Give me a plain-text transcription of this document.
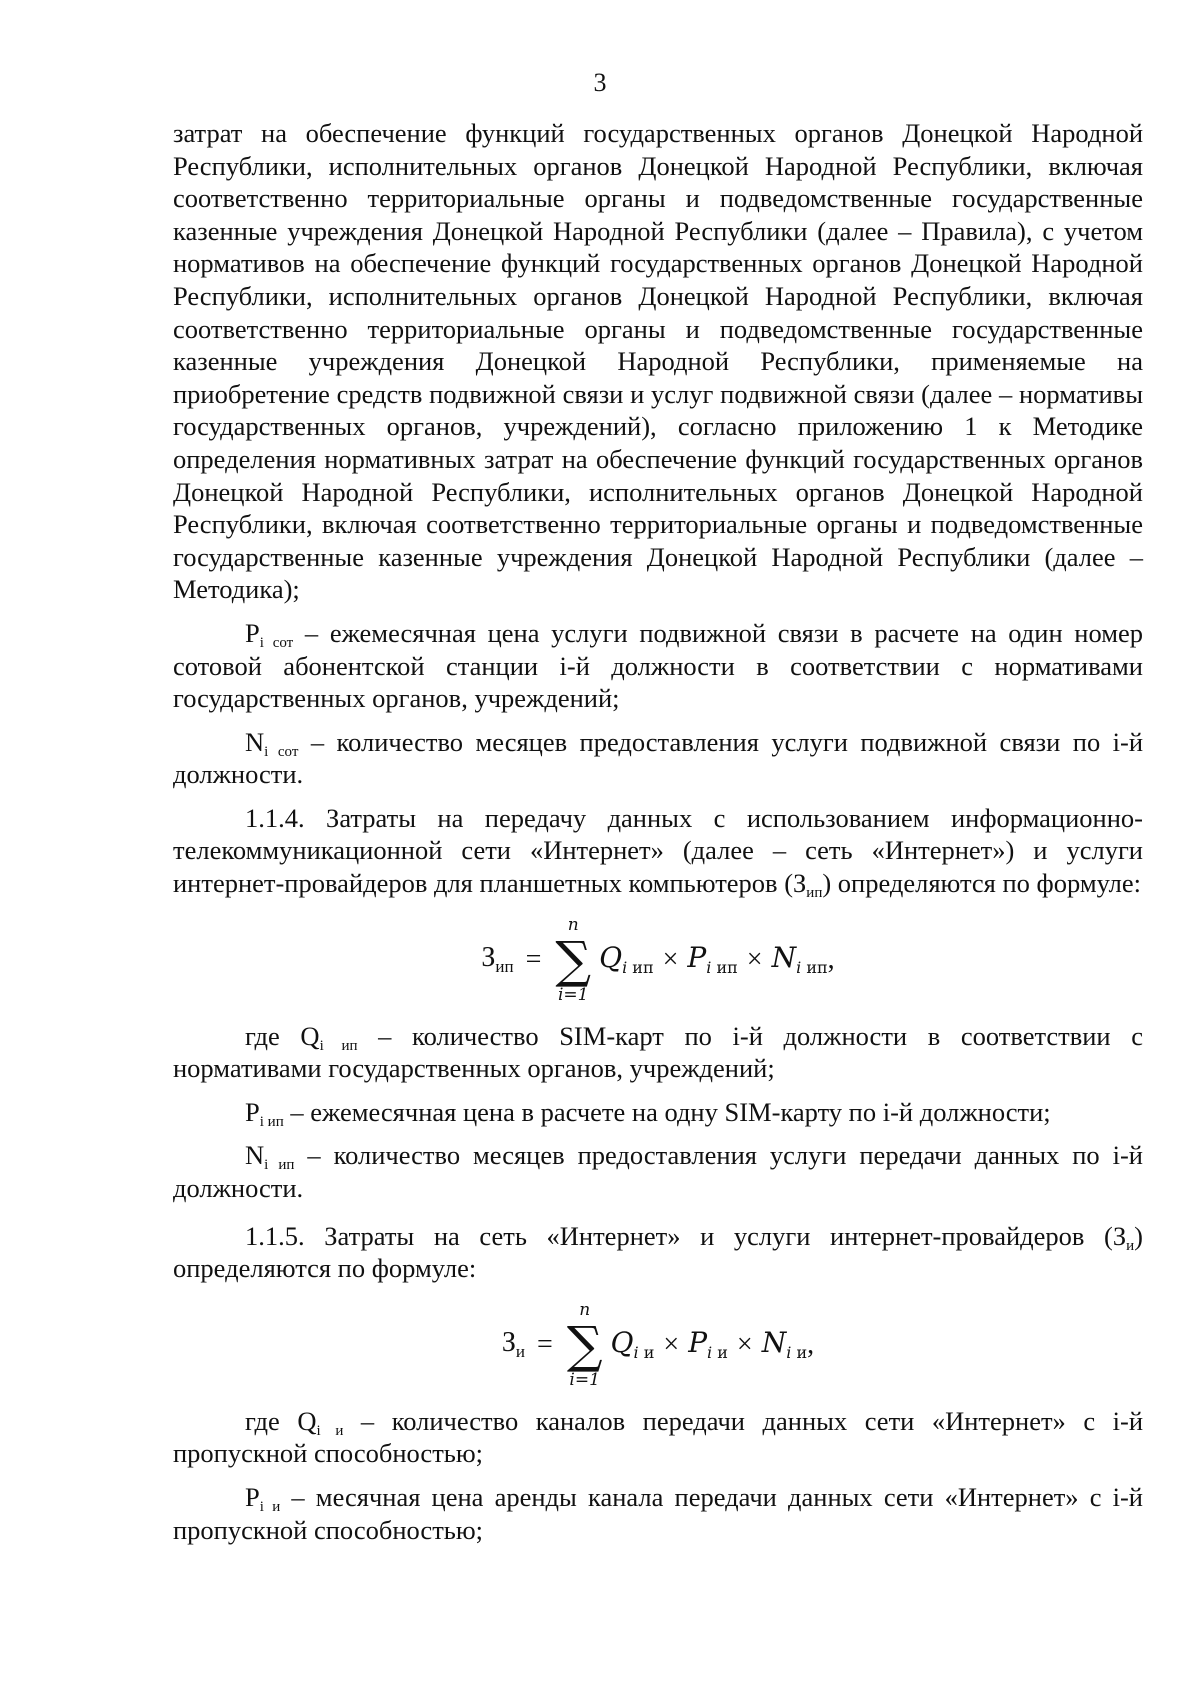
3

затрат на обеспечение функций государственных органов Донецкой Народной Республики, исполнительных органов Донецкой Народной Республики, включая соответственно территориальные органы и подведомственные государственные казенные учреждения Донецкой Народной Республики (далее – Правила), с учетом нормативов на обеспечение функций государственных органов Донецкой Народной Республики, исполнительных органов Донецкой Народной Республики, включая соответственно территориальные органы и подведомственные государственные казенные учреждения Донецкой Народной Республики, применяемые на приобретение средств подвижной связи и услуг подвижной связи (далее – нормативы государственных органов, учреждений), согласно приложению 1 к Методике определения нормативных затрат на обеспечение функций государственных органов Донецкой Народной Республики, исполнительных органов Донецкой Народной Республики, включая соответственно территориальные органы и подведомственные государственные казенные учреждения Донецкой Народной Республики (далее – Методика);

$P_{i сот}$ – ежемесячная цена услуги подвижной связи в расчете на один номер сотовой абонентской станции i-й должности в соответствии с нормативами государственных органов, учреждений;

$N_{i сот}$ – количество месяцев предоставления услуги подвижной связи по i-й должности.

1.1.4. Затраты на передачу данных с использованием информационно-телекоммуникационной сети «Интернет» (далее – сеть «Интернет») и услуги интернет-провайдеров для планшетных компьютеров $(З_{ип})$ определяются по формуле:

$З_{ип}$ =
n
∑
i=1
$Q_{i ип} \times P_{i ип} \times N_{i ип}$ ,

где $Q_{i ип}$ – количество SIM-карт по i-й должности в соответствии с нормативами государственных органов, учреждений;

$P_{i ип}$ – ежемесячная цена в расчете на одну SIM-карту по i-й должности;

$N_{i ип}$ – количество месяцев предоставления услуги передачи данных по i-й должности.

1.1.5. Затраты на сеть «Интернет» и услуги интернет-провайдеров $(З_и)$ определяются по формуле:

$З_и$ =
n
∑
i=1
$Q_{i и} \times P_{i и} \times N_{i и}$ ,

где $Q_{i и}$ – количество каналов передачи данных сети «Интернет» с i-й пропускной способностью;

$P_{i и}$ – месячная цена аренды канала передачи данных сети «Интернет» с i-й пропускной способностью;
